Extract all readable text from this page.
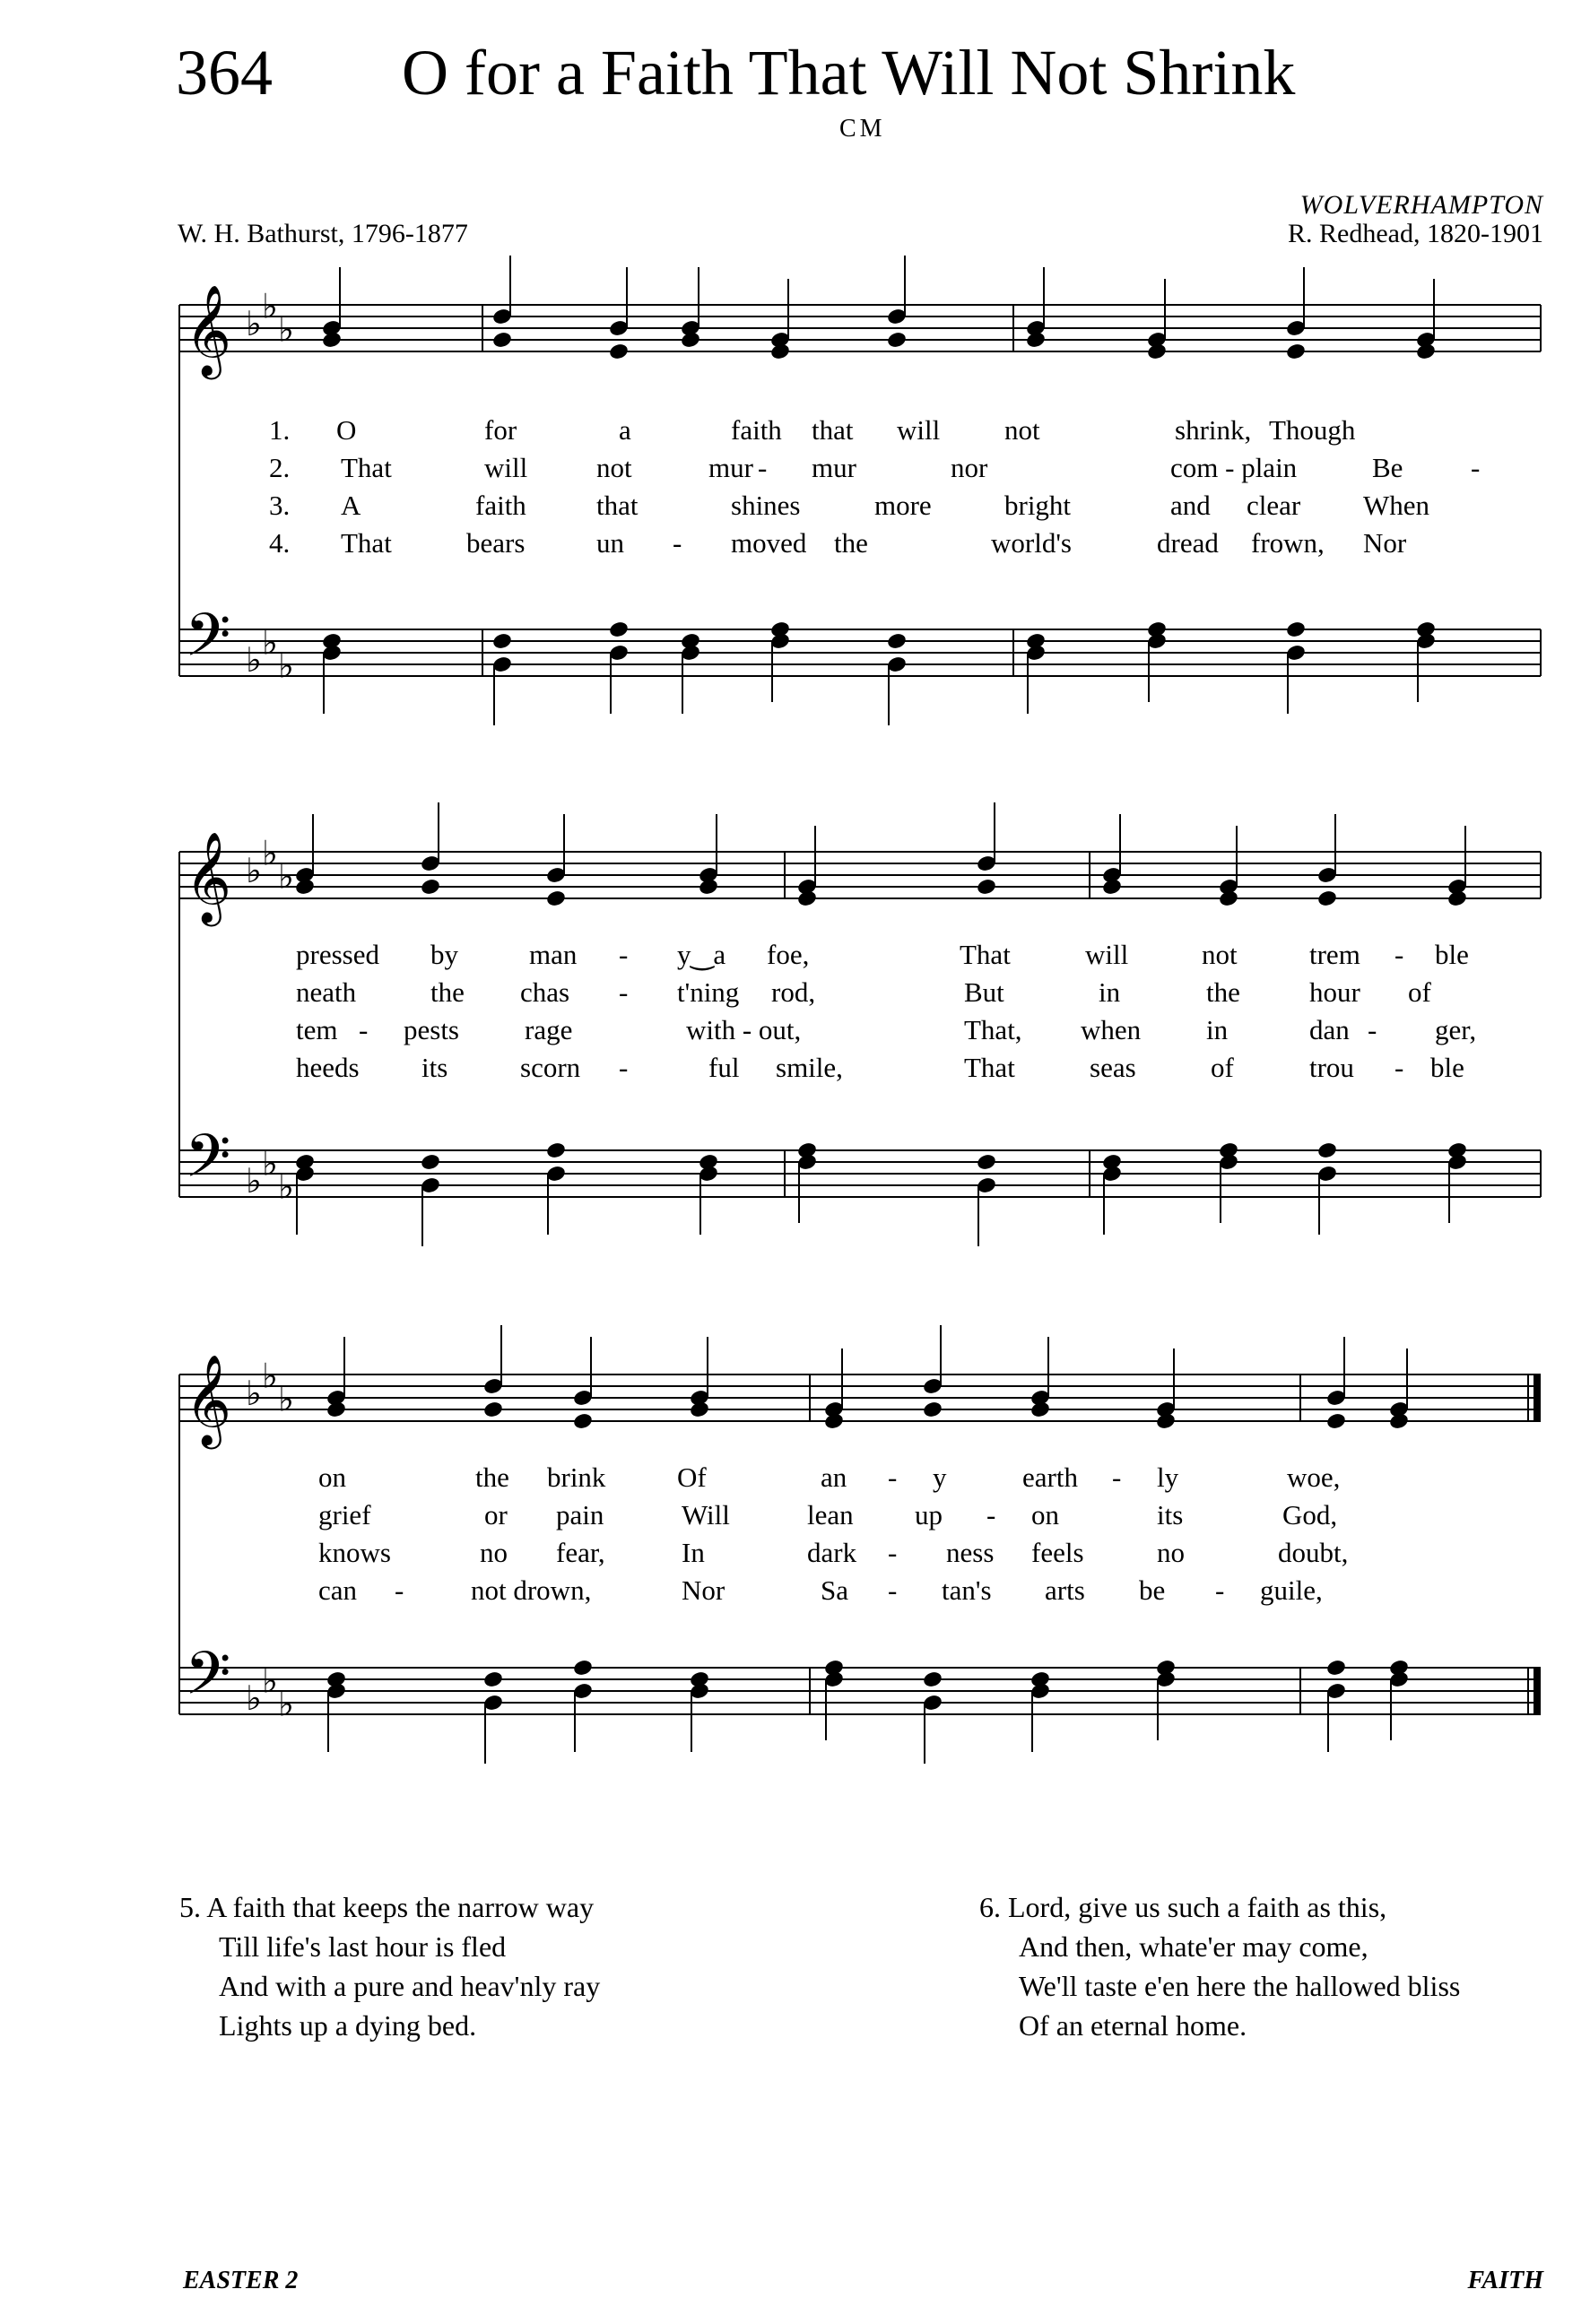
364 O for a Faith That Will Not Shrink
CM
WOLVERHAMPTON
R. Redhead, 1820-1901
W. H. Bathurst, 1796-1877
𝄞 ♭ ♭
♭
𝄢 ♭ ♭
♭
1. O	for	a	faith that will not	shrink, Though
2. That	will not	mur - mur	nor	com - plain	Be -
3. A	faith	that	shines	more	bright	and clear When
4. That	bears	un - moved the	world's	dread frown, Nor
𝄞 ♭ ♭
♭
𝄢 ♭ ♭
♭
pressed by	man - y‿a foe,	That	will	not	trem - ble
neath	the chas - t'ning rod,	But	in	the hour of
tem - pests rage	with - out,	That, when in	dan - ger,
heeds its	scorn -	ful smile,	That	seas	of	trou - ble
𝄞 ♭ ♭
♭
𝄢 ♭ ♭
♭
on	the brink	Of	an - y	earth - ly	woe,
grief	or pain	Will	lean up - on	its	God,
knows	no fear,	In	dark - ness feels	no	doubt,
can - not drown,	Nor	Sa - tan's arts be - guile,
5. A faith that keeps the narrow way
Till life's last hour is fled
And with a pure and heav'nly ray
Lights up a dying bed.
6. Lord, give us such a faith as this,
And then, whate'er may come,
We'll taste e'en here the hallowed bliss
Of an eternal home.
EASTER 2	FAITH
